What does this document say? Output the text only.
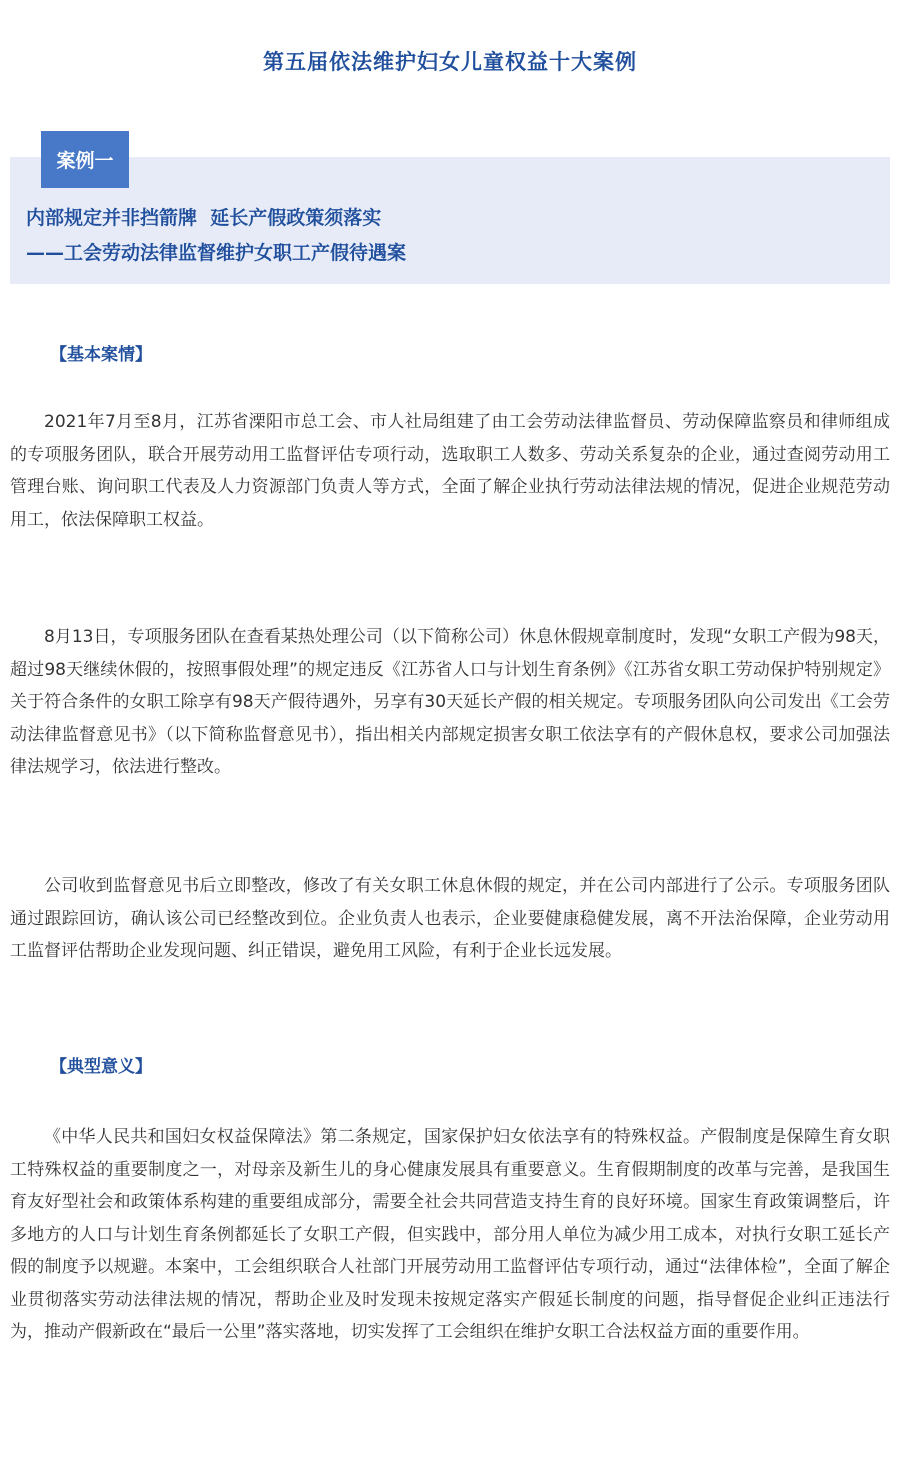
第五届依法维护妇女儿童权益十大案例
案例一
内部规定并非挡箭牌  延长产假政策须落实
——工会劳动法律监督维护女职工产假待遇案
【基本案情】

2021年7月至8月，江苏省溧阳市总工会、市人社局组建了由工会劳动法律监督员、劳动保障监察员和律师组成的专项服务团队，联合开展劳动用工监督评估专项行动，选取职工人数多、劳动关系复杂的企业，通过查阅劳动用工管理台账、询问职工代表及人力资源部门负责人等方式，全面了解企业执行劳动法律法规的情况，促进企业规范劳动用工，依法保障职工权益。

8月13日，专项服务团队在查看某热处理公司（以下简称公司）休息休假规章制度时，发现“女职工产假为98天，超过98天继续休假的，按照事假处理”的规定违反《江苏省人口与计划生育条例》《江苏省女职工劳动保护特别规定》关于符合条件的女职工除享有98天产假待遇外，另享有30天延长产假的相关规定。专项服务团队向公司发出《工会劳动法律监督意见书》（以下简称监督意见书），指出相关内部规定损害女职工依法享有的产假休息权，要求公司加强法律法规学习，依法进行整改。

公司收到监督意见书后立即整改，修改了有关女职工休息休假的规定，并在公司内部进行了公示。专项服务团队通过跟踪回访，确认该公司已经整改到位。企业负责人也表示，企业要健康稳健发展，离不开法治保障，企业劳动用工监督评估帮助企业发现问题、纠正错误，避免用工风险，有利于企业长远发展。

【典型意义】

《中华人民共和国妇女权益保障法》第二条规定，国家保护妇女依法享有的特殊权益。产假制度是保障生育女职工特殊权益的重要制度之一，对母亲及新生儿的身心健康发展具有重要意义。生育假期制度的改革与完善，是我国生育友好型社会和政策体系构建的重要组成部分，需要全社会共同营造支持生育的良好环境。国家生育政策调整后，许多地方的人口与计划生育条例都延长了女职工产假，但实践中，部分用人单位为减少用工成本，对执行女职工延长产假的制度予以规避。本案中，工会组织联合人社部门开展劳动用工监督评估专项行动，通过“法律体检”，全面了解企业贯彻落实劳动法律法规的情况，帮助企业及时发现未按规定落实产假延长制度的问题，指导督促企业纠正违法行为，推动产假新政在“最后一公里”落实落地，切实发挥了工会组织在维护女职工合法权益方面的重要作用。
